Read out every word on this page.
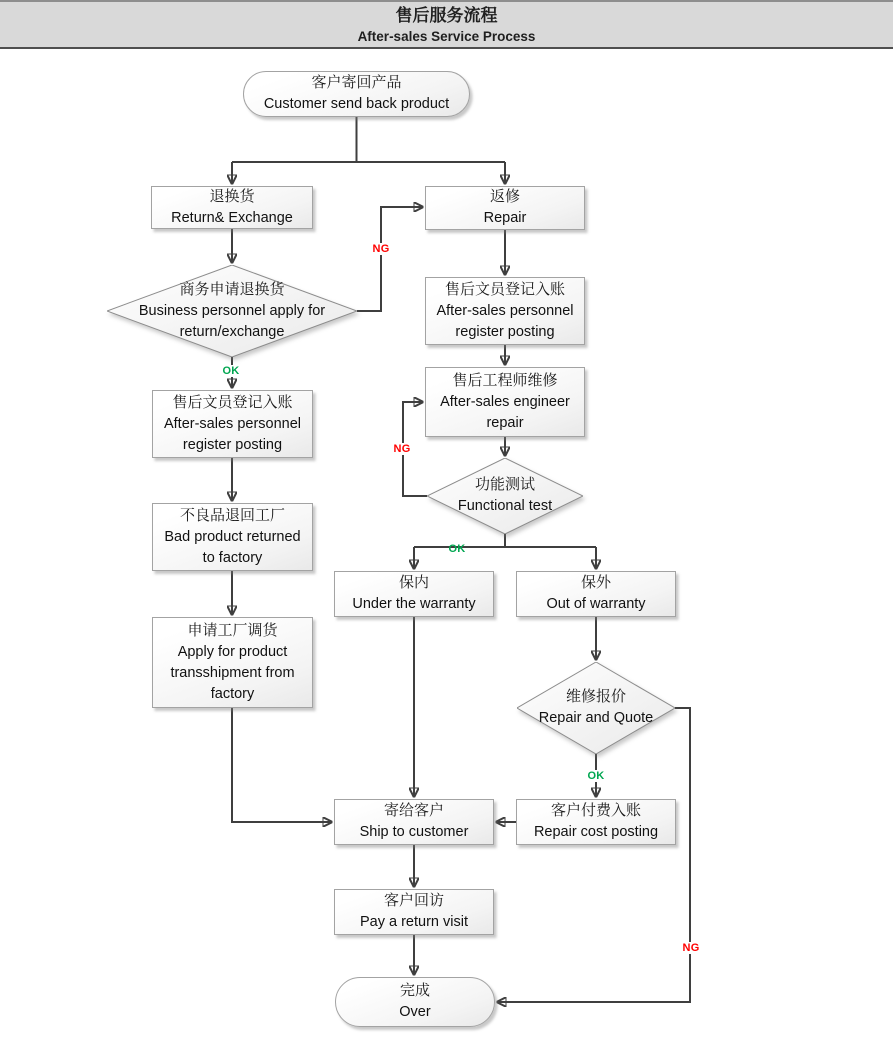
售后服务流程
After-sales Service Process
客户寄回产品
Customer send back product
退换货
Return& Exchange
返修
Repair
商务申请退换货
Business personnel apply for
return/exchange
售后文员登记入账
After-sales personnel
register posting
不良品退回工厂
Bad product returned
to factory
申请工厂调货
Apply for product
transshipment from
factory
售后文员登记入账
After-sales personnel
register posting
售后工程师维修
After-sales engineer
repair
功能测试
Functional test
保内
Under the warranty
保外
Out of warranty
维修报价
Repair and Quote
寄给客户
Ship to customer
客户付费入账
Repair cost posting
客户回访
Pay a return visit
完成
Over
NG
OK
NG
OK
OK
NG
